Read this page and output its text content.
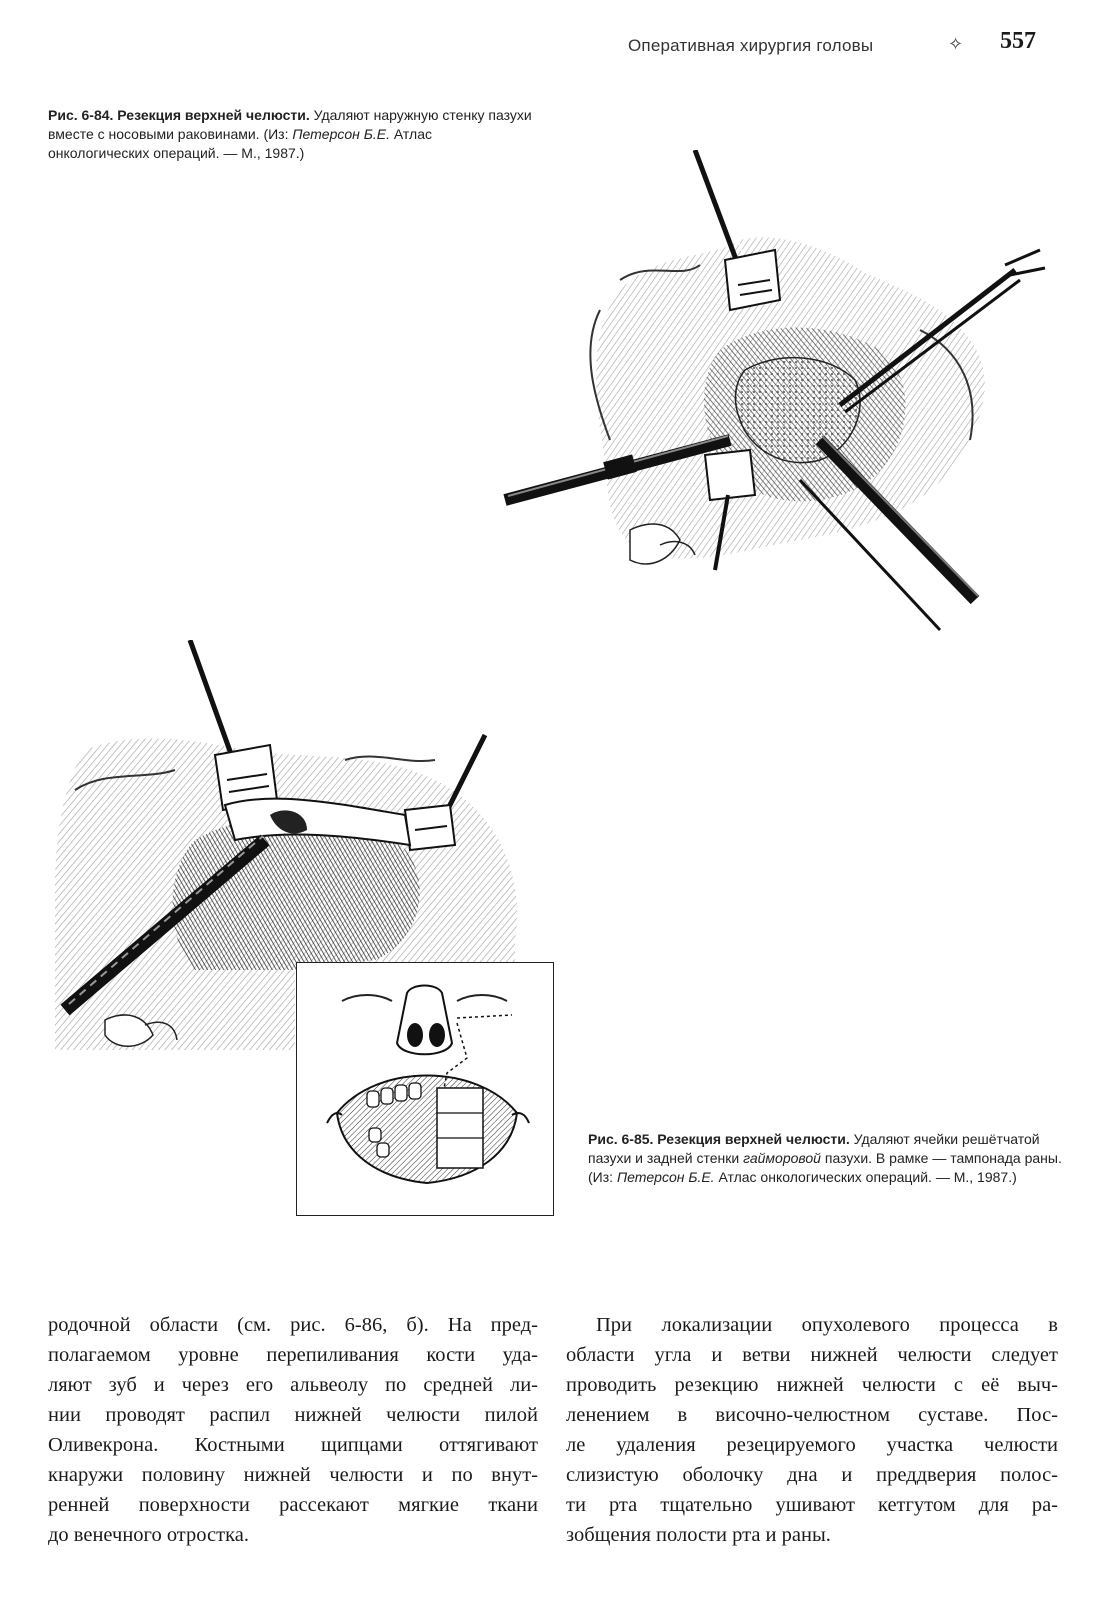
Оперативная хирургия головы	✧ 557
Рис. 6-84. Резекция верхней челюсти. Удаляют наружную стенку пазухи вместе с носовыми раковинами. (Из: Петерсон Б.Е. Атлас онкологических операций. — М., 1987.)
Рис. 6-85. Резекция верхней челюсти. Удаляют ячейки решётчатой пазухи и задней стенки гайморовой пазухи. В рамке — тампонада раны. (Из: Петерсон Б.Е. Атлас онкологических операций. — М., 1987.)
родочной области (см. рис. 6-86, б). На пред-
полагаемом уровне перепиливания кости уда-
ляют зуб и через его альвеолу по средней ли-
нии проводят распил нижней челюсти пилой
Оливекрона. Костными щипцами оттягивают
кнаружи половину нижней челюсти и по внут-
ренней поверхности рассекают мягкие ткани
до венечного отростка.
При локализации опухолевого процесса в
области угла и ветви нижней челюсти следует
проводить резекцию нижней челюсти с её выч-
ленением в височно-челюстном суставе. Пос-
ле удаления резецируемого участка челюсти
слизистую оболочку дна и преддверия полос-
ти рта тщательно ушивают кетгутом для ра-
зобщения полости рта и раны.
